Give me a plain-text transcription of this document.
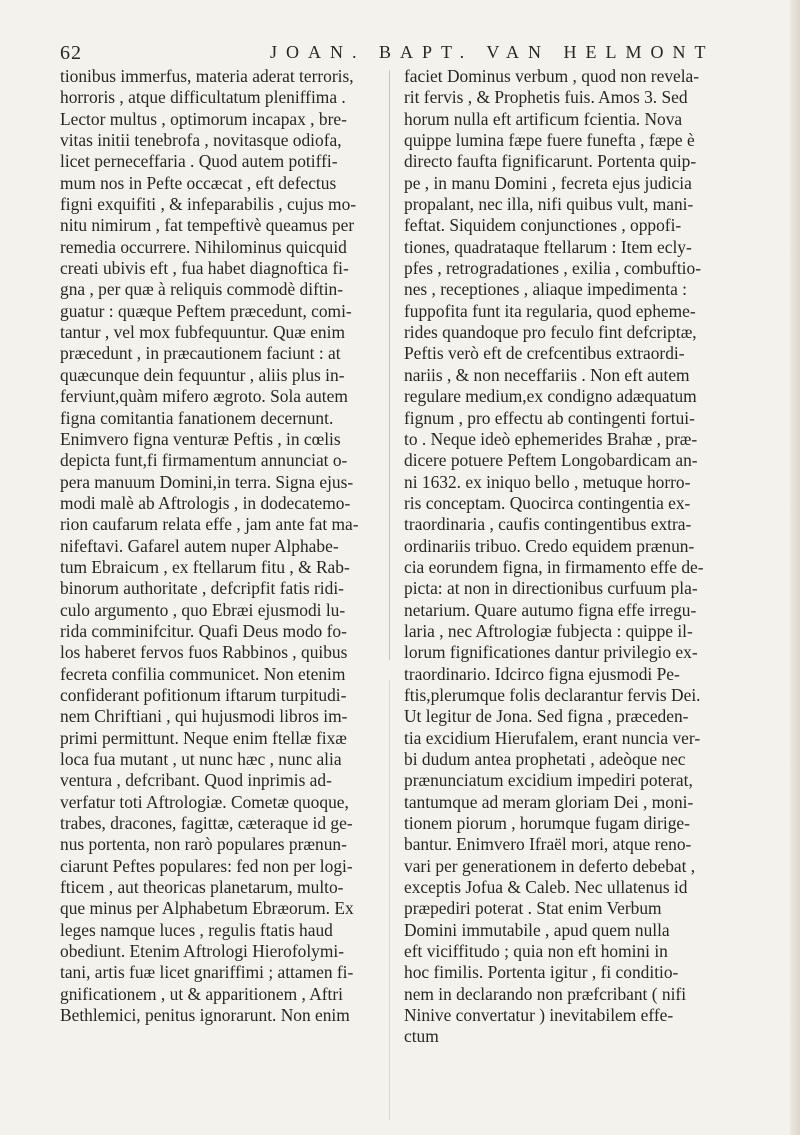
62	JOAN. BAPT. VAN HELMONT
tionibus immerfus, materia aderat terroris,
horroris , atque difficultatum pleniffima .
Lector multus , optimorum incapax , bre-
vitas initii tenebrofa , novitasque odiofa,
licet perneceffaria . Quod autem potiffi-
mum nos in Pefte occæcat , eft defectus
figni exquifiti , & infeparabilis , cujus mo-
nitu nimirum , fat tempeftivè queamus per
remedia occurrere. Nihilominus quicquid
creati ubivis eft , fua habet diagnoftica fi-
gna , per quæ à reliquis commodè diftin-
guatur : quæque Peftem præcedunt, comi-
tantur , vel mox fubfequuntur. Quæ enim
præcedunt , in præcautionem faciunt : at
quæcunque dein fequuntur , aliis plus in-
ferviunt,quàm mifero ægroto. Sola autem
figna comitantia fanationem decernunt.
Enimvero figna venturæ Peftis , in cœlis
depicta funt,fi firmamentum annunciat o-
pera manuum Domini,in terra. Signa ejus-
modi malè ab Aftrologis , in dodecatemo-
rion caufarum relata effe , jam ante fat ma-
nifeftavi. Gafarel autem nuper Alphabe-
tum Ebraicum , ex ftellarum fitu , & Rab-
binorum authoritate , defcripfit fatis ridi-
culo argumento , quo Ebræi ejusmodi lu-
rida comminifcitur. Quafi Deus modo fo-
los haberet fervos fuos Rabbinos , quibus
fecreta confilia communicet. Non etenim
confiderant pofitionum iftarum turpitudi-
nem Chriftiani , qui hujusmodi libros im-
primi permittunt. Neque enim ftellæ fixæ
loca fua mutant , ut nunc hæc , nunc alia
ventura , defcribant. Quod inprimis ad-
verfatur toti Aftrologiæ. Cometæ quoque,
trabes, dracones, fagittæ, cæteraque id ge-
nus portenta, non rarò populares prænun-
ciarunt Peftes populares: fed non per logi-
fticem , aut theoricas planetarum, multo-
que minus per Alphabetum Ebræorum. Ex
leges namque luces , regulis ftatis haud
obediunt. Etenim Aftrologi Hierofolymi-
tani, artis fuæ licet gnariffimi ; attamen fi-
gnificationem , ut & apparitionem , Aftri
Bethlemici, penitus ignorarunt. Non enim
faciet Dominus verbum , quod non revela-
rit fervis , & Prophetis fuis. Amos 3. Sed
horum nulla eft artificum fcientia. Nova
quippe lumina fæpe fuere funefta , fæpe è
directo faufta fignificarunt. Portenta quip-
pe , in manu Domini , fecreta ejus judicia
propalant, nec illa, nifi quibus vult, mani-
feftat. Siquidem conjunctiones , oppofi-
tiones, quadrataque ftellarum : Item ecly-
pfes , retrogradationes , exilia , combuftio-
nes , receptiones , aliaque impedimenta :
fuppofita funt ita regularia, quod epheme-
rides quandoque pro feculo fint defcriptæ,
Peftis verò eft de crefcentibus extraordi-
nariis , & non neceffariis . Non eft autem
regulare medium,ex condigno adæquatum
fignum , pro effectu ab contingenti fortui-
to . Neque ideò ephemerides Brahæ , præ-
dicere potuere Peftem Longobardicam an-
ni 1632. ex iniquo bello , metuque horro-
ris conceptam. Quocirca contingentia ex-
traordinaria , caufis contingentibus extra-
ordinariis tribuo. Credo equidem prænun-
cia eorundem figna, in firmamento effe de-
picta: at non in directionibus curfuum pla-
netarium. Quare autumo figna effe irregu-
laria , nec Aftrologiæ fubjecta : quippe il-
lorum fignificationes dantur privilegio ex-
traordinario. Idcirco figna ejusmodi Pe-
ftis,plerumque folis declarantur fervis Dei.
Ut legitur de Jona. Sed figna , præceden-
tia excidium Hierufalem, erant nuncia ver-
bi dudum antea prophetati , adeòque nec
prænunciatum excidium impediri poterat,
tantumque ad meram gloriam Dei , moni-
tionem piorum , horumque fugam dirige-
bantur. Enimvero Ifraël mori, atque reno-
vari per generationem in deferto debebat ,
exceptis Jofua & Caleb. Nec ullatenus id
præpediri poterat . Stat enim Verbum
Domini immutabile , apud quem nulla
eft viciffitudo ; quia non eft homini in
hoc fimilis. Portenta igitur , fi conditio-
nem in declarando non præfcribant ( nifi
Ninive convertatur ) inevitabilem effe-
ctum
